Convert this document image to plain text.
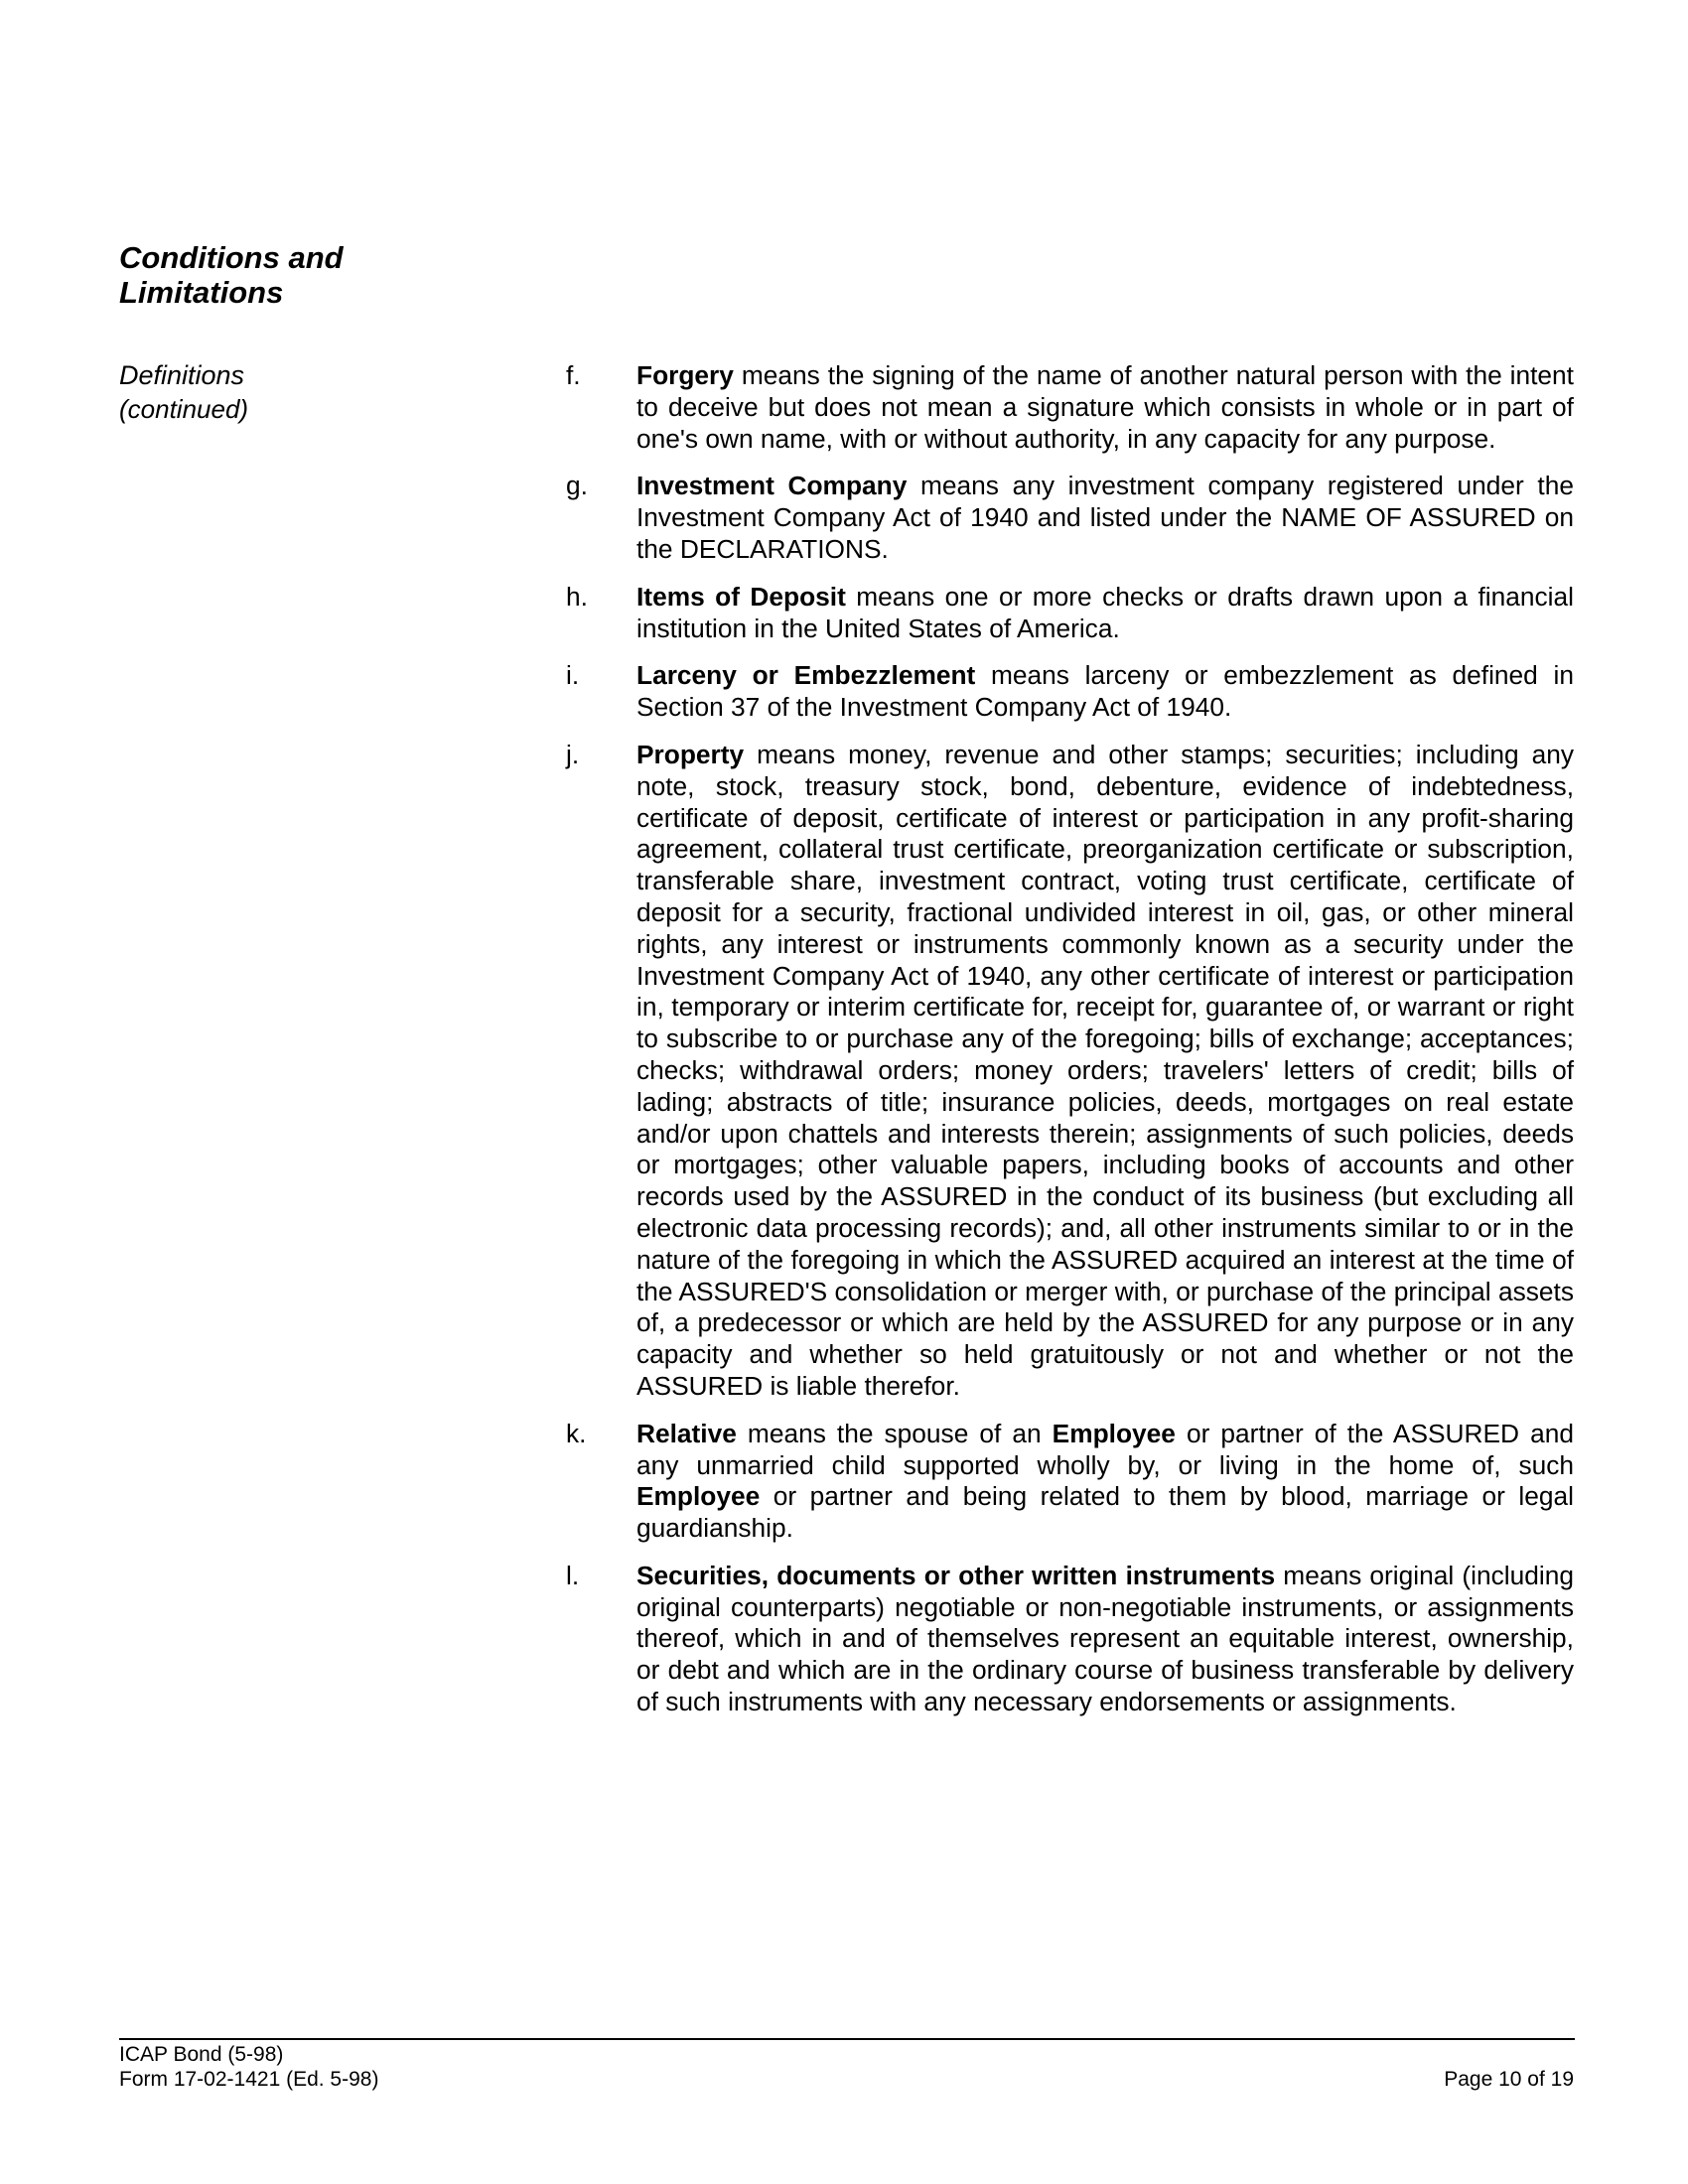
Conditions and
Limitations
Definitions
(continued)
f.	Forgery means the signing of the name of another natural person with the intent to deceive but does not mean a signature which consists in whole or in part of one's own name, with or without authority, in any capacity for any purpose.
g.	Investment Company means any investment company registered under the Investment Company Act of 1940 and listed under the NAME OF ASSURED on the DECLARATIONS.
h.	Items of Deposit means one or more checks or drafts drawn upon a financial institution in the United States of America.
i.	Larceny or Embezzlement means larceny or embezzlement as defined in Section 37 of the Investment Company Act of 1940.
j.	Property means money, revenue and other stamps; securities; including any note, stock, treasury stock, bond, debenture, evidence of indebtedness, certificate of deposit, certificate of interest or participation in any profit-sharing agreement, collateral trust certificate, preorganization certificate or subscription, transferable share, investment contract, voting trust certificate, certificate of deposit for a security, fractional undivided interest in oil, gas, or other mineral rights, any interest or instruments commonly known as a security under the Investment Company Act of 1940, any other certificate of interest or participation in, temporary or interim certificate for, receipt for, guarantee of, or warrant or right to subscribe to or purchase any of the foregoing; bills of exchange; acceptances; checks; withdrawal orders; money orders; travelers' letters of credit; bills of lading; abstracts of title; insurance policies, deeds, mortgages on real estate and/or upon chattels and interests therein; assignments of such policies, deeds or mortgages; other valuable papers, including books of accounts and other records used by the ASSURED in the conduct of its business (but excluding all electronic data processing records); and, all other instruments similar to or in the nature of the foregoing in which the ASSURED acquired an interest at the time of the ASSURED'S consolidation or merger with, or purchase of the principal assets of, a predecessor or which are held by the ASSURED for any purpose or in any capacity and whether so held gratuitously or not and whether or not the ASSURED is liable therefor.
k.	Relative means the spouse of an Employee or partner of the ASSURED and any unmarried child supported wholly by, or living in the home of, such Employee or partner and being related to them by blood, marriage or legal guardianship.
l.	Securities, documents or other written instruments means original (including original counterparts) negotiable or non-negotiable instruments, or assignments thereof, which in and of themselves represent an equitable interest, ownership, or debt and which are in the ordinary course of business transferable by delivery of such instruments with any necessary endorsements or assignments.
ICAP Bond (5-98)
Form 17-02-1421 (Ed. 5-98)	Page 10 of 19
